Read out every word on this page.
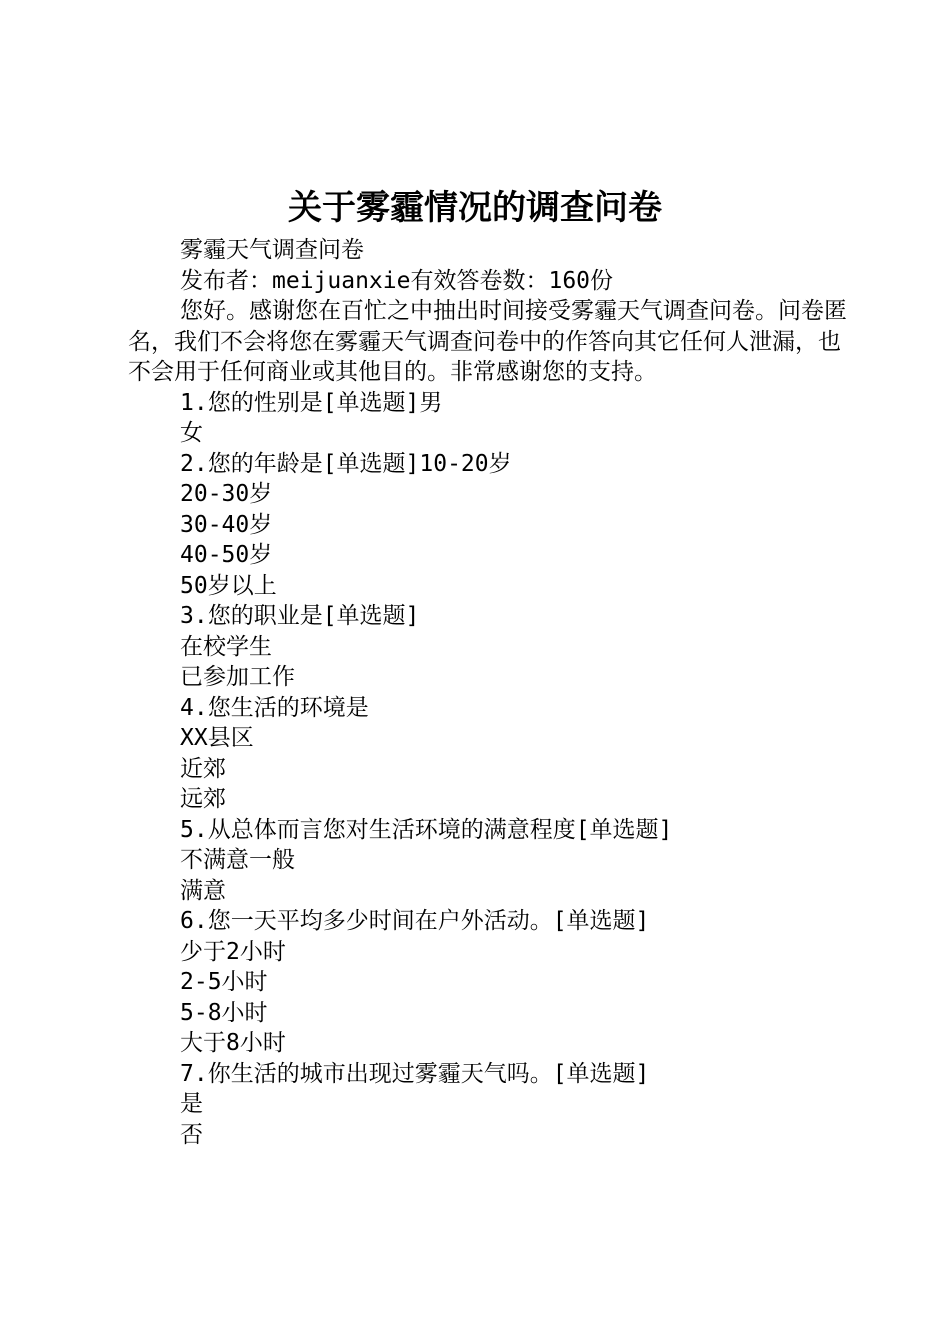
关于雾霾情况的调查问卷
雾霾天气调查问卷
发布者：meijuanxie有效答卷数：160份
您好。感谢您在百忙之中抽出时间接受雾霾天气调查问卷。问卷匿名，我们不会将您在雾霾天气调查问卷中的作答向其它任何人泄漏，也不会用于任何商业或其他目的。非常感谢您的支持。
1.您的性别是[单选题]男
女
2.您的年龄是[单选题]10-20岁
20-30岁
30-40岁
40-50岁
50岁以上
3.您的职业是[单选题]
在校学生
已参加工作
4.您生活的环境是
XX县区
近郊
远郊
5.从总体而言您对生活环境的满意程度[单选题]
不满意一般
满意
6.您一天平均多少时间在户外活动。[单选题]
少于2小时
2-5小时
5-8小时
大于8小时
7.你生活的城市出现过雾霾天气吗。[单选题]
是
否
